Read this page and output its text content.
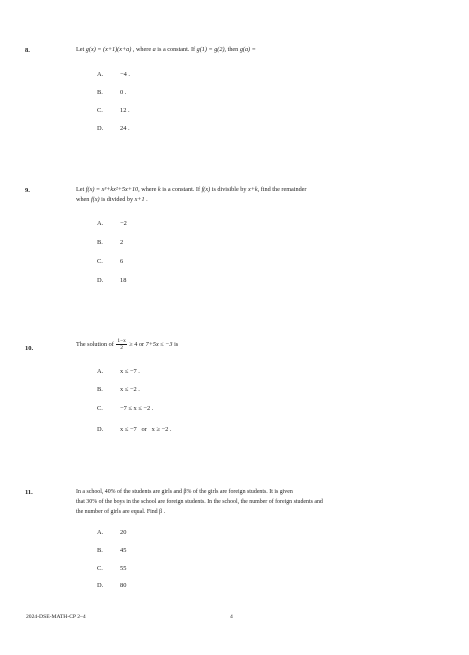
8.	Let g(x) = (x+1)(x+a) , where a is a constant. If g(1) = g(2), then g(a) =
A.	−4 .
B.	0 .
C.	12 .
D.	24 .
9.	Let f(x) = x³+kx²+5x+10, where k is a constant. If f(x) is divisible by x+k, find the remainder
when f(x) is divided by x+1 .
A.	−2
B.	2
C.	6
D.	18
10.
The solution of $\frac{1-x}{2} \ge 4$ or 7+5x ≤ −3 is
A.	x ≤ −7 .
B.	x ≤ −2 .
C.	−7 ≤ x ≤ −2 .
D.	x ≤ −7   or   x ≥ −2 .
11.	In a school, 40% of the students are girls and β% of the girls are foreign students. It is given
that 30% of the boys in the school are foreign students. In the school, the number of foreign students and
the number of girls are equal. Find β .
A.	20
B.	45
C.	55
D.	80
2024-DSE-MATH-CP 2–4	4
